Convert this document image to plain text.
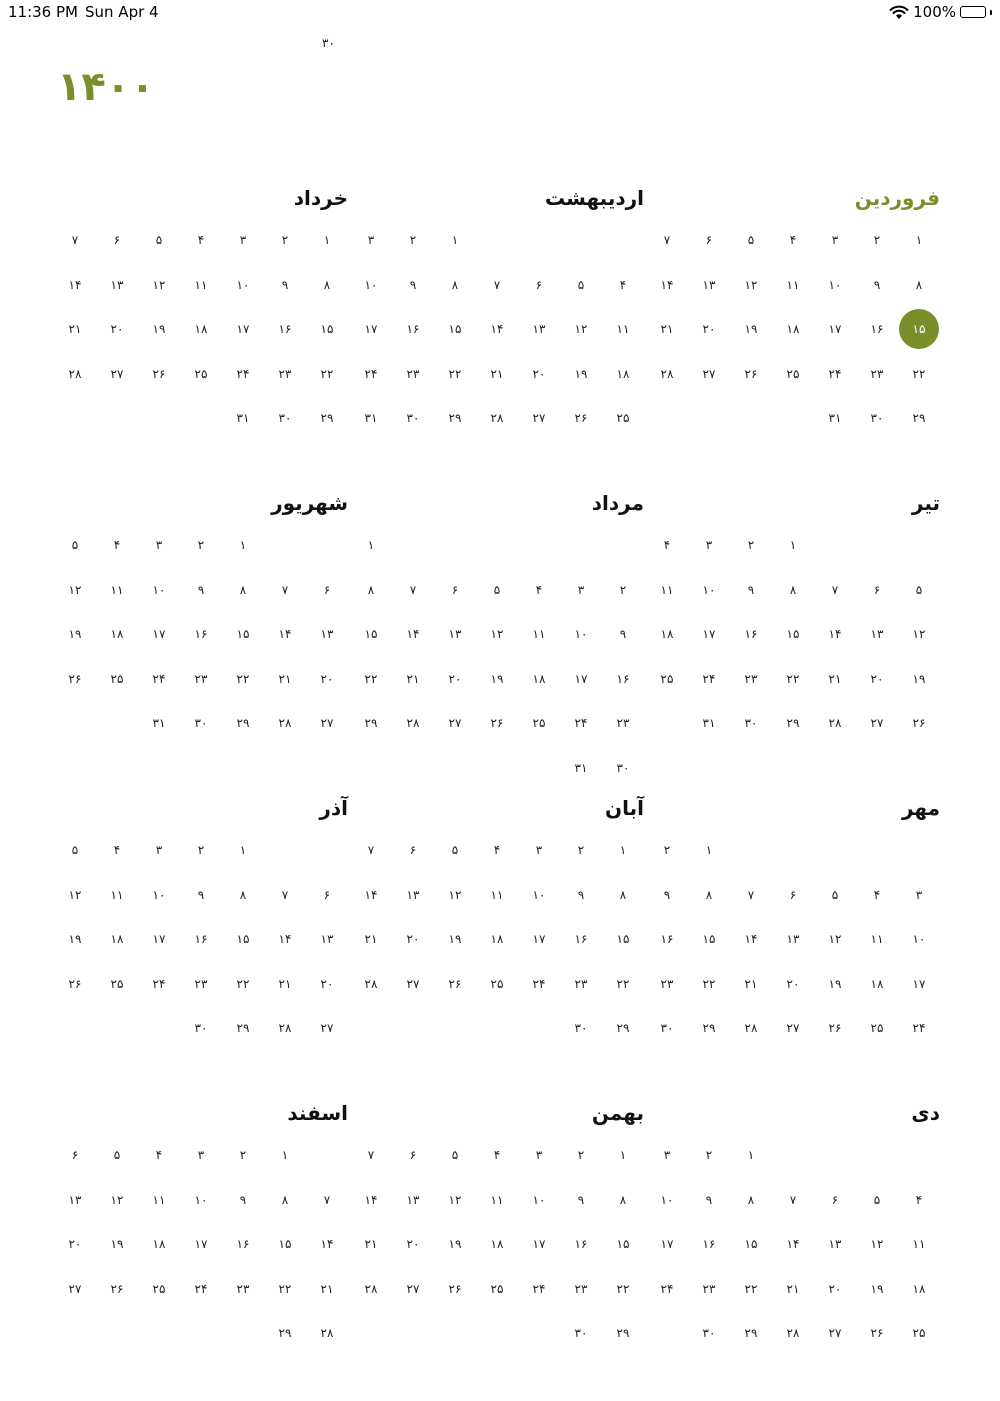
11:36 PM Sun Apr 4	100%
۳۰
۱۴۰۰
فروردین
۱
۲
۳
۴
۵
۶
۷
۸
۹
۱۰
۱۱
۱۲
۱۳
۱۴
۱۵
۱۶
۱۷
۱۸
۱۹
۲۰
۲۱
۲۲
۲۳
۲۴
۲۵
۲۶
۲۷
۲۸
۲۹
۳۰
۳۱
اردیبهشت
۱
۲
۳
۴
۵
۶
۷
۸
۹
۱۰
۱۱
۱۲
۱۳
۱۴
۱۵
۱۶
۱۷
۱۸
۱۹
۲۰
۲۱
۲۲
۲۳
۲۴
۲۵
۲۶
۲۷
۲۸
۲۹
۳۰
۳۱
خرداد
۱
۲
۳
۴
۵
۶
۷
۸
۹
۱۰
۱۱
۱۲
۱۳
۱۴
۱۵
۱۶
۱۷
۱۸
۱۹
۲۰
۲۱
۲۲
۲۳
۲۴
۲۵
۲۶
۲۷
۲۸
۲۹
۳۰
۳۱
تیر
۱
۲
۳
۴
۵
۶
۷
۸
۹
۱۰
۱۱
۱۲
۱۳
۱۴
۱۵
۱۶
۱۷
۱۸
۱۹
۲۰
۲۱
۲۲
۲۳
۲۴
۲۵
۲۶
۲۷
۲۸
۲۹
۳۰
۳۱
مرداد
۱
۲
۳
۴
۵
۶
۷
۸
۹
۱۰
۱۱
۱۲
۱۳
۱۴
۱۵
۱۶
۱۷
۱۸
۱۹
۲۰
۲۱
۲۲
۲۳
۲۴
۲۵
۲۶
۲۷
۲۸
۲۹
۳۰
۳۱
شهریور
۱
۲
۳
۴
۵
۶
۷
۸
۹
۱۰
۱۱
۱۲
۱۳
۱۴
۱۵
۱۶
۱۷
۱۸
۱۹
۲۰
۲۱
۲۲
۲۳
۲۴
۲۵
۲۶
۲۷
۲۸
۲۹
۳۰
۳۱
مهر
۱
۲
۳
۴
۵
۶
۷
۸
۹
۱۰
۱۱
۱۲
۱۳
۱۴
۱۵
۱۶
۱۷
۱۸
۱۹
۲۰
۲۱
۲۲
۲۳
۲۴
۲۵
۲۶
۲۷
۲۸
۲۹
۳۰
آبان
۱
۲
۳
۴
۵
۶
۷
۸
۹
۱۰
۱۱
۱۲
۱۳
۱۴
۱۵
۱۶
۱۷
۱۸
۱۹
۲۰
۲۱
۲۲
۲۳
۲۴
۲۵
۲۶
۲۷
۲۸
۲۹
۳۰
آذر
۱
۲
۳
۴
۵
۶
۷
۸
۹
۱۰
۱۱
۱۲
۱۳
۱۴
۱۵
۱۶
۱۷
۱۸
۱۹
۲۰
۲۱
۲۲
۲۳
۲۴
۲۵
۲۶
۲۷
۲۸
۲۹
۳۰
دی
۱
۲
۳
۴
۵
۶
۷
۸
۹
۱۰
۱۱
۱۲
۱۳
۱۴
۱۵
۱۶
۱۷
۱۸
۱۹
۲۰
۲۱
۲۲
۲۳
۲۴
۲۵
۲۶
۲۷
۲۸
۲۹
۳۰
بهمن
۱
۲
۳
۴
۵
۶
۷
۸
۹
۱۰
۱۱
۱۲
۱۳
۱۴
۱۵
۱۶
۱۷
۱۸
۱۹
۲۰
۲۱
۲۲
۲۳
۲۴
۲۵
۲۶
۲۷
۲۸
۲۹
۳۰
اسفند
۱
۲
۳
۴
۵
۶
۷
۸
۹
۱۰
۱۱
۱۲
۱۳
۱۴
۱۵
۱۶
۱۷
۱۸
۱۹
۲۰
۲۱
۲۲
۲۳
۲۴
۲۵
۲۶
۲۷
۲۸
۲۹
